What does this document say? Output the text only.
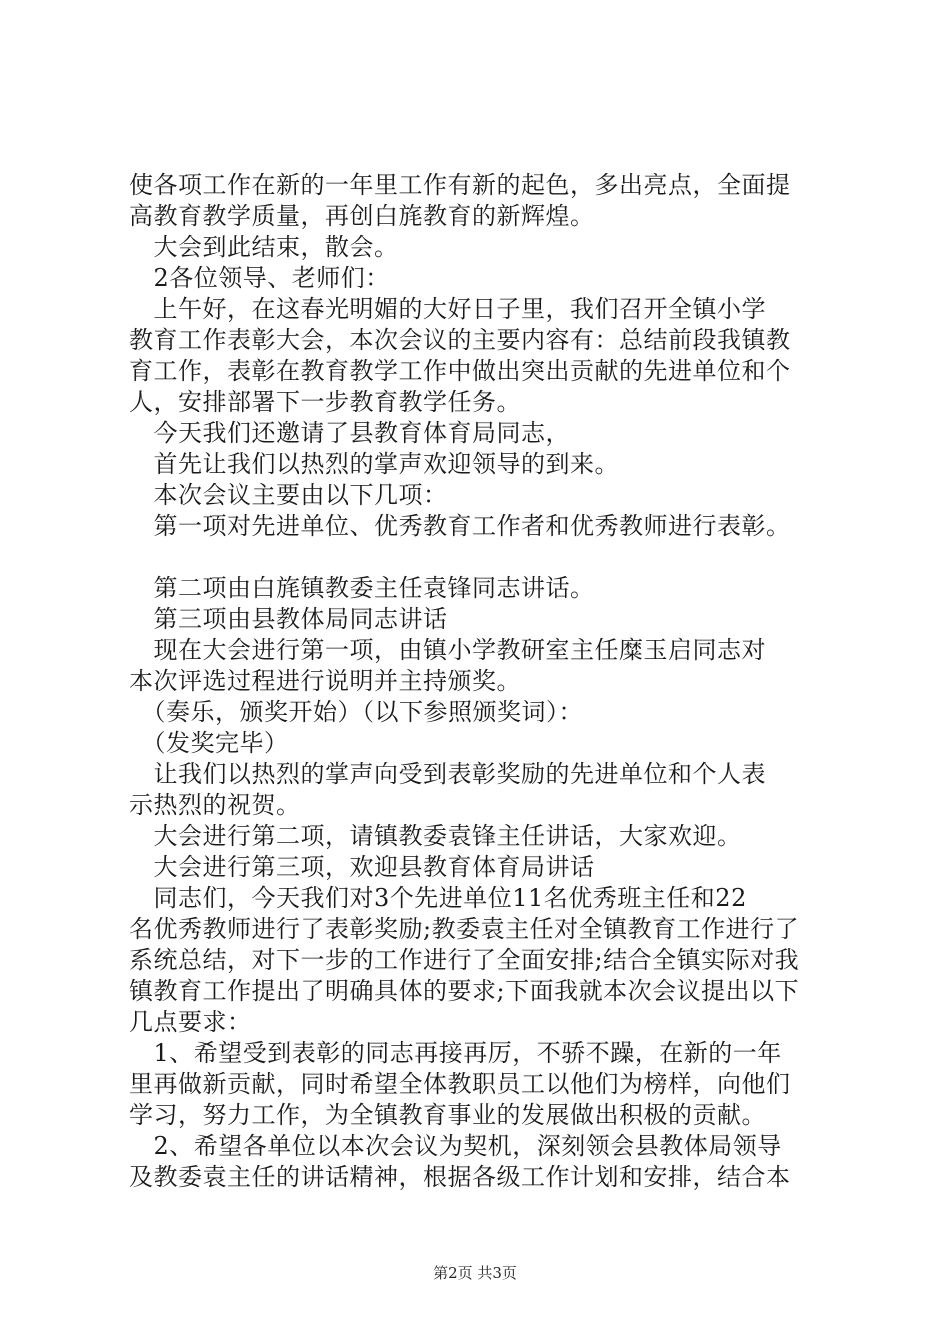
使各项工作在新的一年里工作有新的起色，多出亮点，全面提
高教育教学质量，再创白旄教育的新辉煌。
　大会到此结束，散会。
　2各位领导、老师们：
　上午好，在这春光明媚的大好日子里，我们召开全镇小学
教育工作表彰大会，本次会议的主要内容有：总结前段我镇教
育工作，表彰在教育教学工作中做出突出贡献的先进单位和个
人，安排部署下一步教育教学任务。
　今天我们还邀请了县教育体育局同志，
　首先让我们以热烈的掌声欢迎领导的到来。
　本次会议主要由以下几项：
　第一项对先进单位、优秀教育工作者和优秀教师进行表彰。
　第二项由白旄镇教委主任袁锋同志讲话。
　第三项由县教体局同志讲话
　现在大会进行第一项，由镇小学教研室主任糜玉启同志对
本次评选过程进行说明并主持颁奖。
　（奏乐，颁奖开始）（以下参照颁奖词）：
　（发奖完毕）
　让我们以热烈的掌声向受到表彰奖励的先进单位和个人表
示热烈的祝贺。
　大会进行第二项，请镇教委袁锋主任讲话，大家欢迎。
　大会进行第三项，欢迎县教育体育局讲话
　同志们，今天我们对3个先进单位11名优秀班主任和22
名优秀教师进行了表彰奖励;教委袁主任对全镇教育工作进行了
系统总结，对下一步的工作进行了全面安排;结合全镇实际对我
镇教育工作提出了明确具体的要求;下面我就本次会议提出以下
几点要求：
　1、希望受到表彰的同志再接再厉，不骄不躁，在新的一年
里再做新贡献，同时希望全体教职员工以他们为榜样，向他们
学习，努力工作，为全镇教育事业的发展做出积极的贡献。
　2、希望各单位以本次会议为契机，深刻领会县教体局领导
及教委袁主任的讲话精神，根据各级工作计划和安排，结合本
第2页 共3页
